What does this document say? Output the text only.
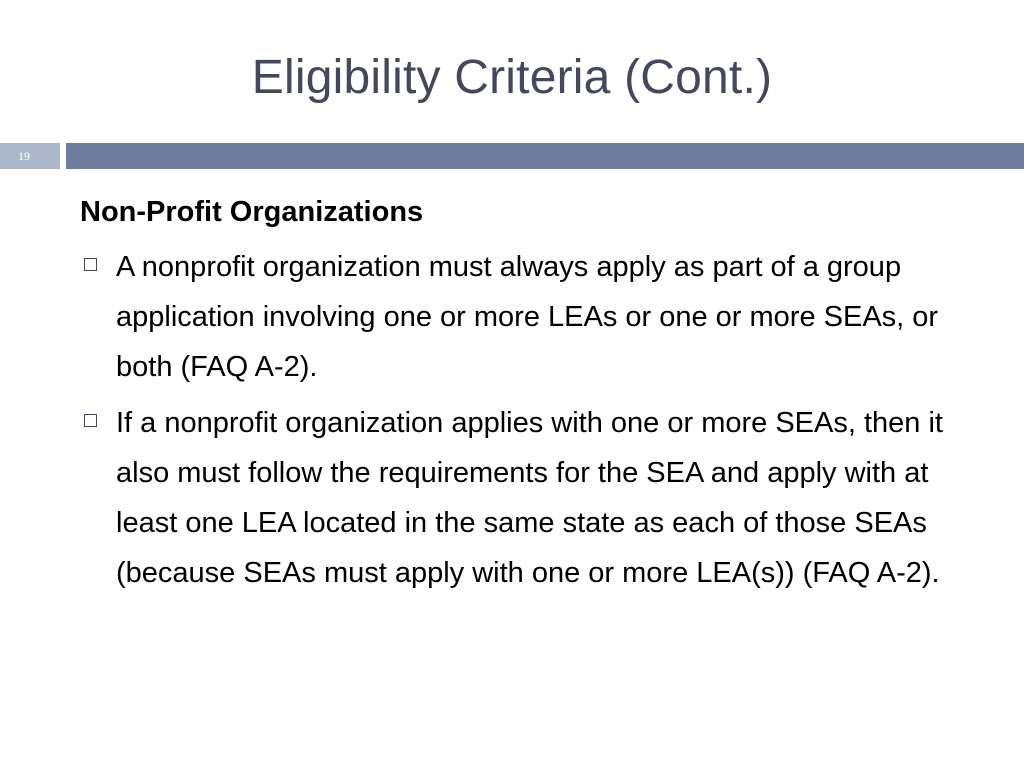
Eligibility Criteria (Cont.)
19
Non-Profit Organizations
A nonprofit organization must always apply as part of a group application involving one or more LEAs or one or more SEAs, or both (FAQ A-2).
If a nonprofit organization applies with one or more SEAs, then it also must follow the requirements for the SEA and apply with at least one LEA located in the same state as each of those SEAs (because SEAs must apply with one or more LEA(s)) (FAQ A-2).
